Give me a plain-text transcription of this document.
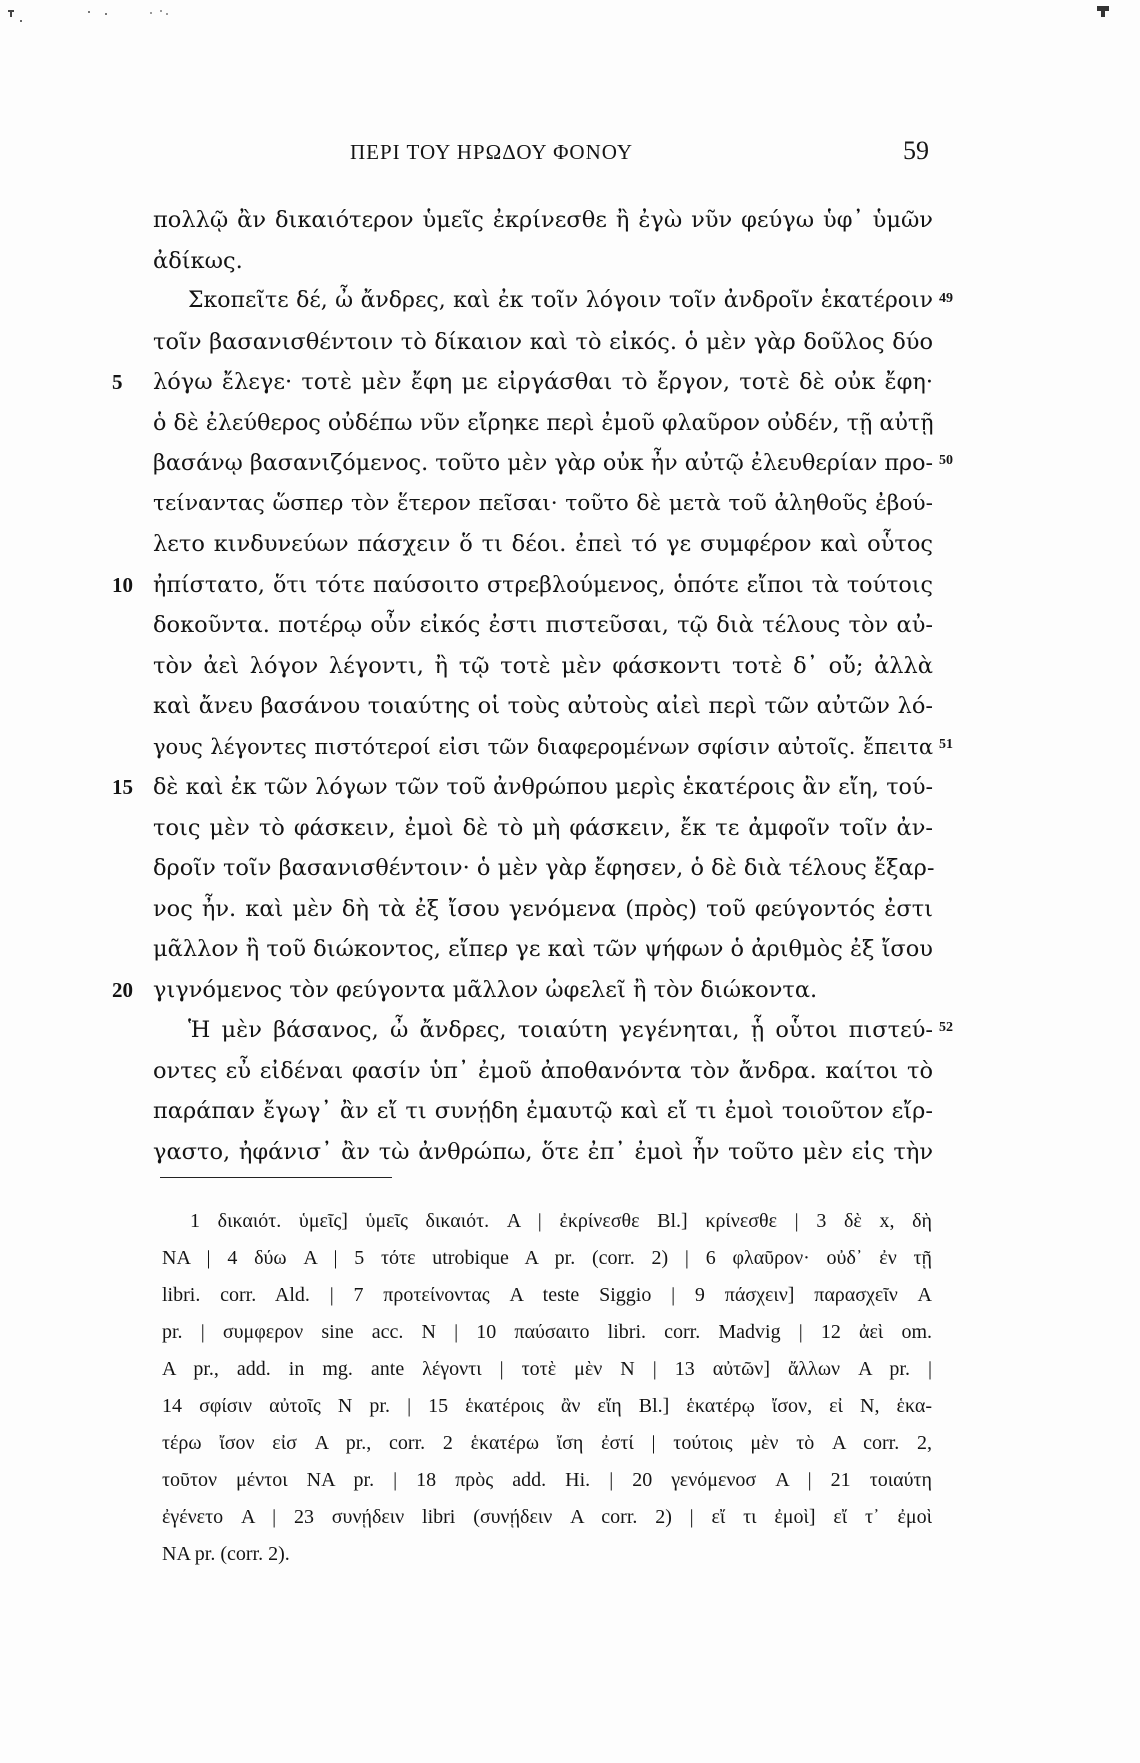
ΠΕΡΙ ΤΟΥ ΗΡΩΔΟΥ ΦΟΝΟΥ	59
πολλῷ ἂν δικαιότερον ὑμεῖς ἐκρίνεσθε ἢ ἐγὼ νῦν φεύγω ὑφ᾽ ὑμῶν
ἀδίκως.
Σκοπεῖτε δέ, ὦ ἄνδρες, καὶ ἐκ τοῖν λόγοιν τοῖν ἀνδροῖν ἑκατέροιν 49
τοῖν βασανισθέντοιν τὸ δίκαιον καὶ τὸ εἰκός. ὁ μὲν γὰρ δοῦλος δύο
5	λόγω ἔλεγε· τοτὲ μὲν ἔφη με εἰργάσθαι τὸ ἔργον, τοτὲ δὲ οὐκ ἔφη·
ὁ δὲ ἐλεύθερος οὐδέπω νῦν εἴρηκε περὶ ἐμοῦ φλαῦρον οὐδέν, τῇ αὐτῇ
βασάνῳ βασανιζόμενος. τοῦτο μὲν γὰρ οὐκ ἦν αὐτῷ ἐλευθερίαν προ- 50
τείναντας ὥσπερ τὸν ἕτερον πεῖσαι· τοῦτο δὲ μετὰ τοῦ ἀληθοῦς ἐβού-
λετο κινδυνεύων πάσχειν ὅ τι δέοι. ἐπεὶ τό γε συμφέρον καὶ οὗτος
10 ἠπίστατο, ὅτι τότε παύσοιτο στρεβλούμενος, ὁπότε εἴποι τὰ τούτοις
δοκοῦντα. ποτέρῳ οὖν εἰκός ἐστι πιστεῦσαι, τῷ διὰ τέλους τὸν αὐ-
τὸν ἀεὶ λόγον λέγοντι, ἢ τῷ τοτὲ μὲν φάσκοντι τοτὲ δ᾽ οὔ; ἀλλὰ
καὶ ἄνευ βασάνου τοιαύτης οἱ τοὺς αὐτοὺς αἰεὶ περὶ τῶν αὐτῶν λό-
γους λέγοντες πιστότεροί εἰσι τῶν διαφερομένων σφίσιν αὐτοῖς. ἔπειτα 51
15 δὲ καὶ ἐκ τῶν λόγων τῶν τοῦ ἀνθρώπου μερὶς ἑκατέροις ἂν εἴη, τού-
τοις μὲν τὸ φάσκειν, ἐμοὶ δὲ τὸ μὴ φάσκειν, ἔκ τε ἀμφοῖν τοῖν ἀν-
δροῖν τοῖν βασανισθέντοιν· ὁ μὲν γὰρ ἔφησεν, ὁ δὲ διὰ τέλους ἔξαρ-
νος ἦν. καὶ μὲν δὴ τὰ ἐξ ἴσου γενόμενα (πρὸς) τοῦ φεύγοντός ἐστι
μᾶλλον ἢ τοῦ διώκοντος, εἴπερ γε καὶ τῶν ψήφων ὁ ἀριθμὸς ἐξ ἴσου
20 γιγνόμενος τὸν φεύγοντα μᾶλλον ὠφελεῖ ἢ τὸν διώκοντα.
Ἡ μὲν βάσανος, ὦ ἄνδρες, τοιαύτη γεγένηται, ᾗ οὗτοι πιστεύ- 52
οντες εὖ εἰδέναι φασίν ὑπ᾽ ἐμοῦ ἀποθανόντα τὸν ἄνδρα. καίτοι τὸ
παράπαν ἔγωγ᾽ ἂν εἴ τι συνῄδη ἐμαυτῷ καὶ εἴ τι ἐμοὶ τοιοῦτον εἴρ-
γαστο, ἠφάνισ᾽ ἂν τὼ ἀνθρώπω, ὅτε ἐπ᾽ ἐμοὶ ἦν τοῦτο μὲν εἰς τὴν
1 δικαιότ. ὑμεῖς] ὑμεῖς δικαιότ. A | ἐκρίνεσθε Bl.] κρίνεσθε | 3 δὲ x, δὴ
NA | 4 δύω A | 5 τότε utrobique A pr. (corr. 2) | 6 φλαῦρον· οὐδ᾽ ἐν τῇ
libri. corr. Ald. | 7 προτείνοντας A teste Siggio | 9 πάσχειν] παρασχεῖν A
pr. | συμφερον sine acc. N | 10 παύσαιτο libri. corr. Madvig | 12 ἀεὶ om.
A pr., add. in mg. ante λέγοντι | τοτὲ μὲν N | 13 αὐτῶν] ἄλλων A pr. |
14 σφίσιν αὐτοῖς N pr. | 15 ἑκατέροις ἂν εἴη Bl.] ἑκατέρῳ ἴσον, εἰ N, ἑκα-
τέρω ἴσον εἰσ A pr., corr. 2 ἑκατέρω ἴση ἐστί | τούτοις μὲν τὸ A corr. 2,
τοῦτον μέντοι NA pr. | 18 πρὸς add. Hi. | 20 γενόμενοσ A | 21 τοιαύτη
ἐγένετο A | 23 συνῄδειν libri (συνῄδειν A corr. 2) | εἴ τι ἐμοὶ] εἴ τ᾽ ἐμοὶ
NA pr. (corr. 2).
